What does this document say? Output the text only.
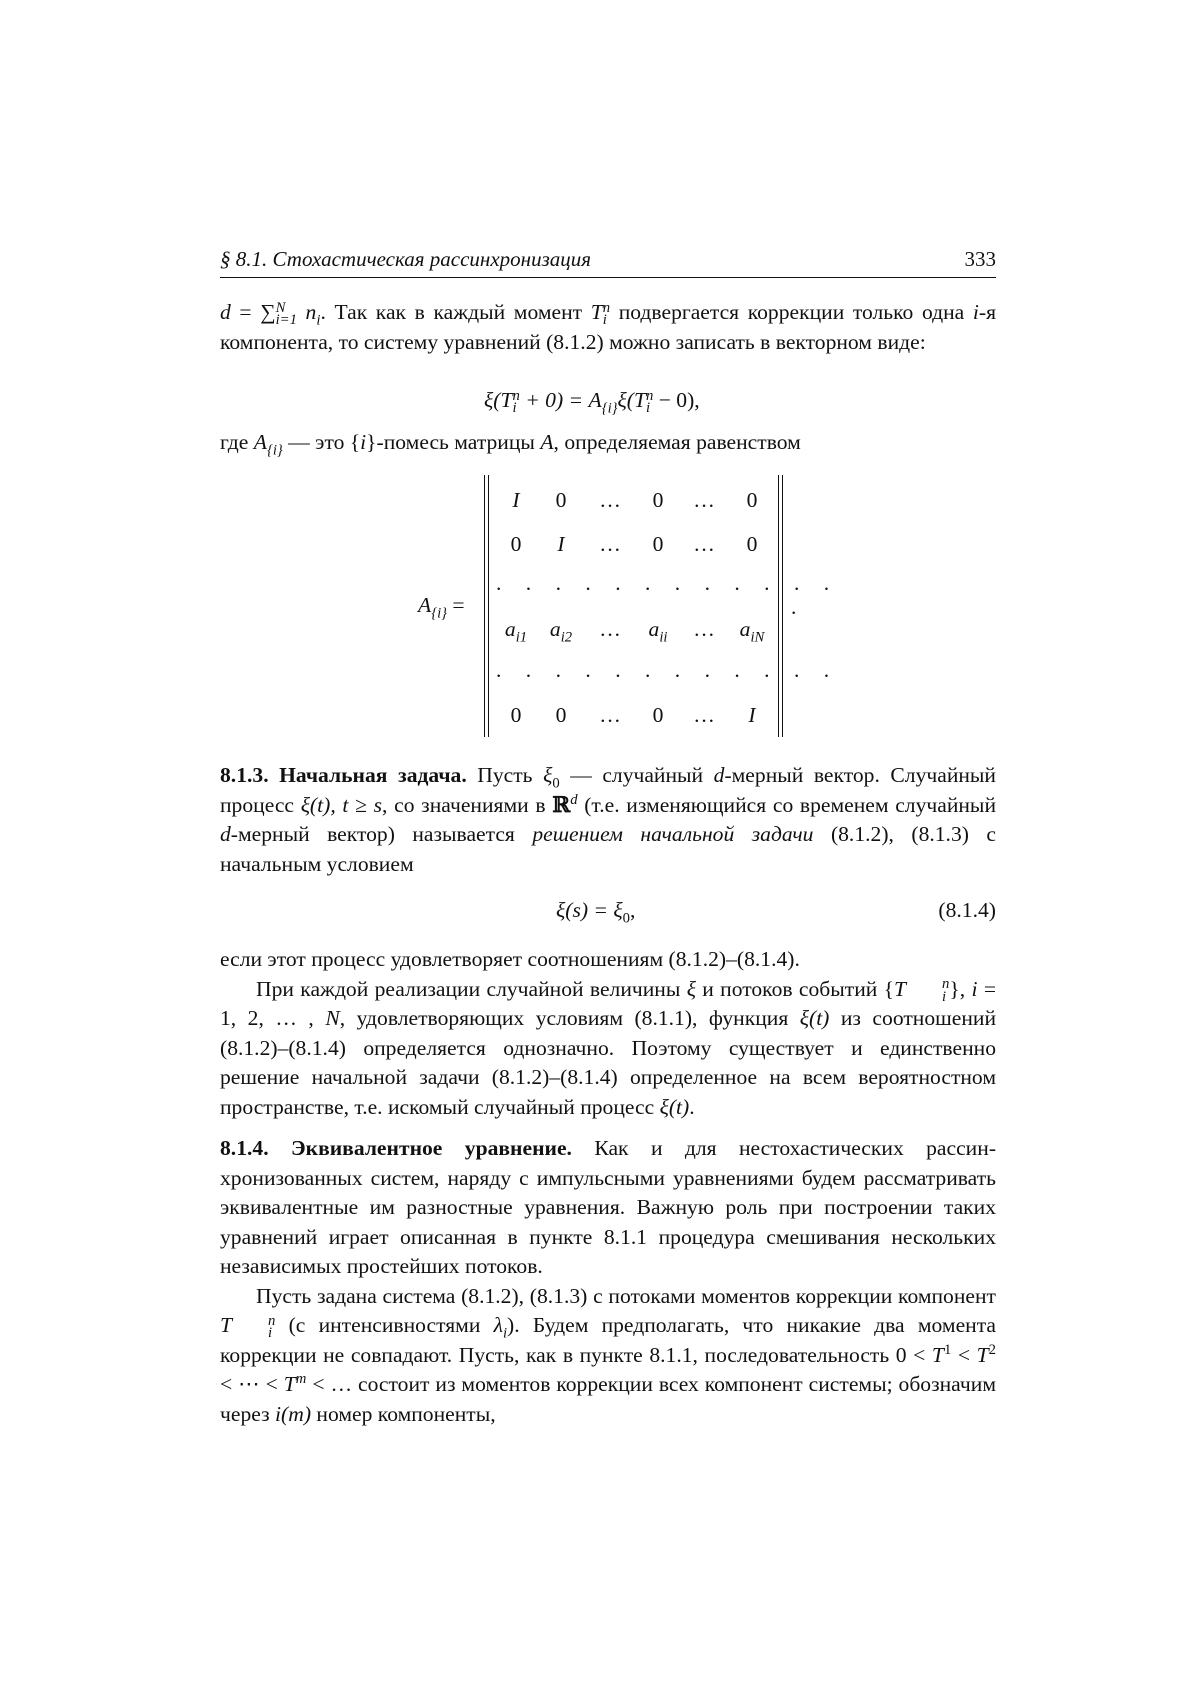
§ 8.1. Стохастическая рассинхронизация	333

d = ∑ N
i=1 $n_i$. Так как в каждый момент T n
i подвергается коррекции только одна i-я компонента, то систему уравнений (8.1.2) можно записать в векторном виде:

ξ(T n
$i + 0) = A_{\{i\}}\xi(T$ n
i − 0),

где $A_{\{i\}}$ — это {i}-помесь матрицы A, определяемая равенством

$A_{\{i\}}$ =	.
I	0	…	0	…	0
0	I	…	0	…	0
. . . . . . . . . . . .
$a_{i1}$	$a_{i2}$	…	$a_{ii}$	…	$a_{iN}$
. . . . . . . . . . . .
0	0	…	0	…	I

8.1.3. Начальная задача. Пусть $\xi_0$ — случайный d-мерный вектор. Случайный процесс ξ(t), t ≥ s, со значениями в ℝ$^d$ (т.е. изменяющийся со временем случайный d-мерный вектор) называется решением начальной задачи (8.1.2), (8.1.3) с начальным условием

$\xi(s) = \xi_0$,	(8.1.4)

если этот процесс удовлетворяет соотношениям (8.1.2)–(8.1.4).

При каждой реализации случайной величины ξ и потоков событий {T	n
i }, i = 1, 2, … , N, удовлетворяющих условиям (8.1.1), функция ξ(t) из соотношений (8.1.2)–(8.1.4) определяется однозначно. Поэтому существует и единственно решение начальной задачи (8.1.2)–(8.1.4) определенное на всем вероятностном пространстве, т.е. искомый случайный процесс ξ(t).

8.1.4. Эквивалентное уравнение. Как и для нестохастических рассинхронизованных систем, наряду с импульсными уравнениями будем рассматривать эквивалентные им разностные уравнения. Важную роль при построении таких уравнений играет описанная в пункте 8.1.1 процедура смешивания нескольких независимых простейших потоков.

Пусть задана система (8.1.2), (8.1.3) с потоками моментов коррекции компонент T	n
i (с интенсивностями $\lambda_i$). Будем предполагать, что никакие два момента коррекции не совпадают. Пусть, как в пункте 8.1.1, последовательность $0 < T^1 < T^2$ < ⋯ < $T^m$ < … состоит из моментов коррекции всех компонент системы; обозначим через i(m) номер компоненты,
